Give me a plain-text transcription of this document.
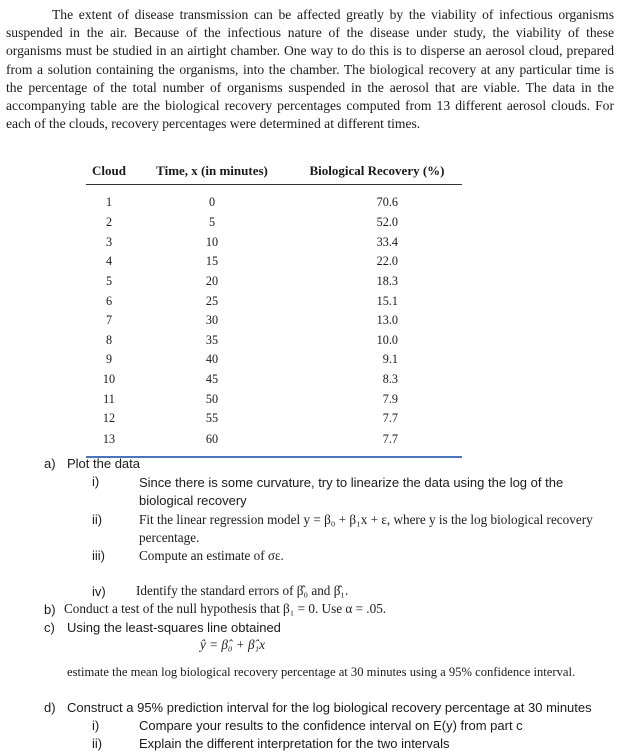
The extent of disease transmission can be affected greatly by the viability of infectious organisms suspended in the air. Because of the infectious nature of the disease under study, the viability of these organisms must be studied in an airtight chamber. One way to do this is to disperse an aerosol cloud, prepared from a solution containing the organisms, into the chamber. The biological recovery at any particular time is the percentage of the total number of organisms suspended in the aerosol that are viable. The data in the accompanying table are the biological recovery percentages computed from 13 different aerosol clouds. For each of the clouds, recovery percentages were determined at different times.

Cloud	Time, x (in minutes)	Biological Recovery (%)
1	0	70.6
2	5	52.0
3	10	33.4
4	15	22.0
5	20	18.3
6	25	15.1
7	30	13.0
8	35	10.0
9	40	9.1
10	45	8.3
11	50	7.9
12	55	7.7
13	60	7.7
a) Plot the data
i)	Since there is some curvature, try to linearize the data using the log of the biological recovery
ii)	Fit the linear regression model y = β₀ + β₁x + ε, where y is the log biological recovery percentage.
iii)	Compute an estimate of σε.
iv) Identify the standard errors of β̂₀ and β̂₁.
b) Conduct a test of the null hypothesis that β₁ = 0. Use α = .05.
c) Using the least-squares line obtained
ŷ = β̂₀ + β̂₁x
estimate the mean log biological recovery percentage at 30 minutes using a 95% confidence interval.
d) Construct a 95% prediction interval for the log biological recovery percentage at 30 minutes
i)	Compare your results to the confidence interval on E(y) from part c
ii)	Explain the different interpretation for the two intervals
